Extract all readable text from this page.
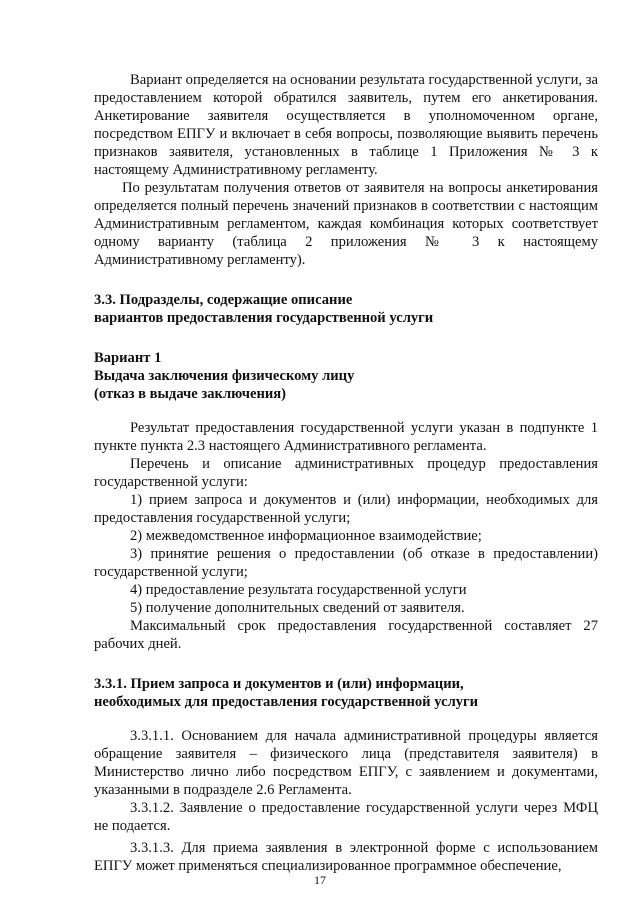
Вариант определяется на основании результата государственной услуги, за предоставлением которой обратился заявитель, путем его анкетирования. Анкетирование заявителя осуществляется в уполномоченном органе, посредством ЕПГУ и включает в себя вопросы, позволяющие выявить перечень признаков заявителя, установленных в таблице 1 Приложения № 3 к настоящему Административному регламенту.

По результатам получения ответов от заявителя на вопросы анкетирования определяется полный перечень значений признаков в соответствии с настоящим Административным регламентом, каждая комбинация которых соответствует одному варианту (таблица 2 приложения № 3 к настоящему Административному регламенту).

3.3. Подразделы, содержащие описание

вариантов предоставления государственной услуги

Вариант 1

Выдача заключения физическому лицу

(отказ в выдаче заключения)

Результат предоставления государственной услуги указан в подпункте 1 пункте пункта 2.3 настоящего Административного регламента.

Перечень и описание административных процедур предоставления государственной услуги:

1) прием запроса и документов и (или) информации, необходимых для предоставления государственной услуги;

2) межведомственное информационное взаимодействие;

3) принятие решения о предоставлении (об отказе в предоставлении) государственной услуги;

4) предоставление результата государственной услуги

5) получение дополнительных сведений от заявителя.

Максимальный срок предоставления государственной составляет 27 рабочих дней.

3.3.1. Прием запроса и документов и (или) информации,

необходимых для предоставления государственной услуги

3.3.1.1. Основанием для начала административной процедуры является обращение заявителя – физического лица (представителя заявителя) в Министерство лично либо посредством ЕПГУ, с заявлением и документами, указанными в подразделе 2.6 Регламента.

3.3.1.2. Заявление о предоставление государственной услуги через МФЦ не подается.

3.3.1.3. Для приема заявления в электронной форме с использованием ЕПГУ может применяться специализированное программное обеспечение,

17
